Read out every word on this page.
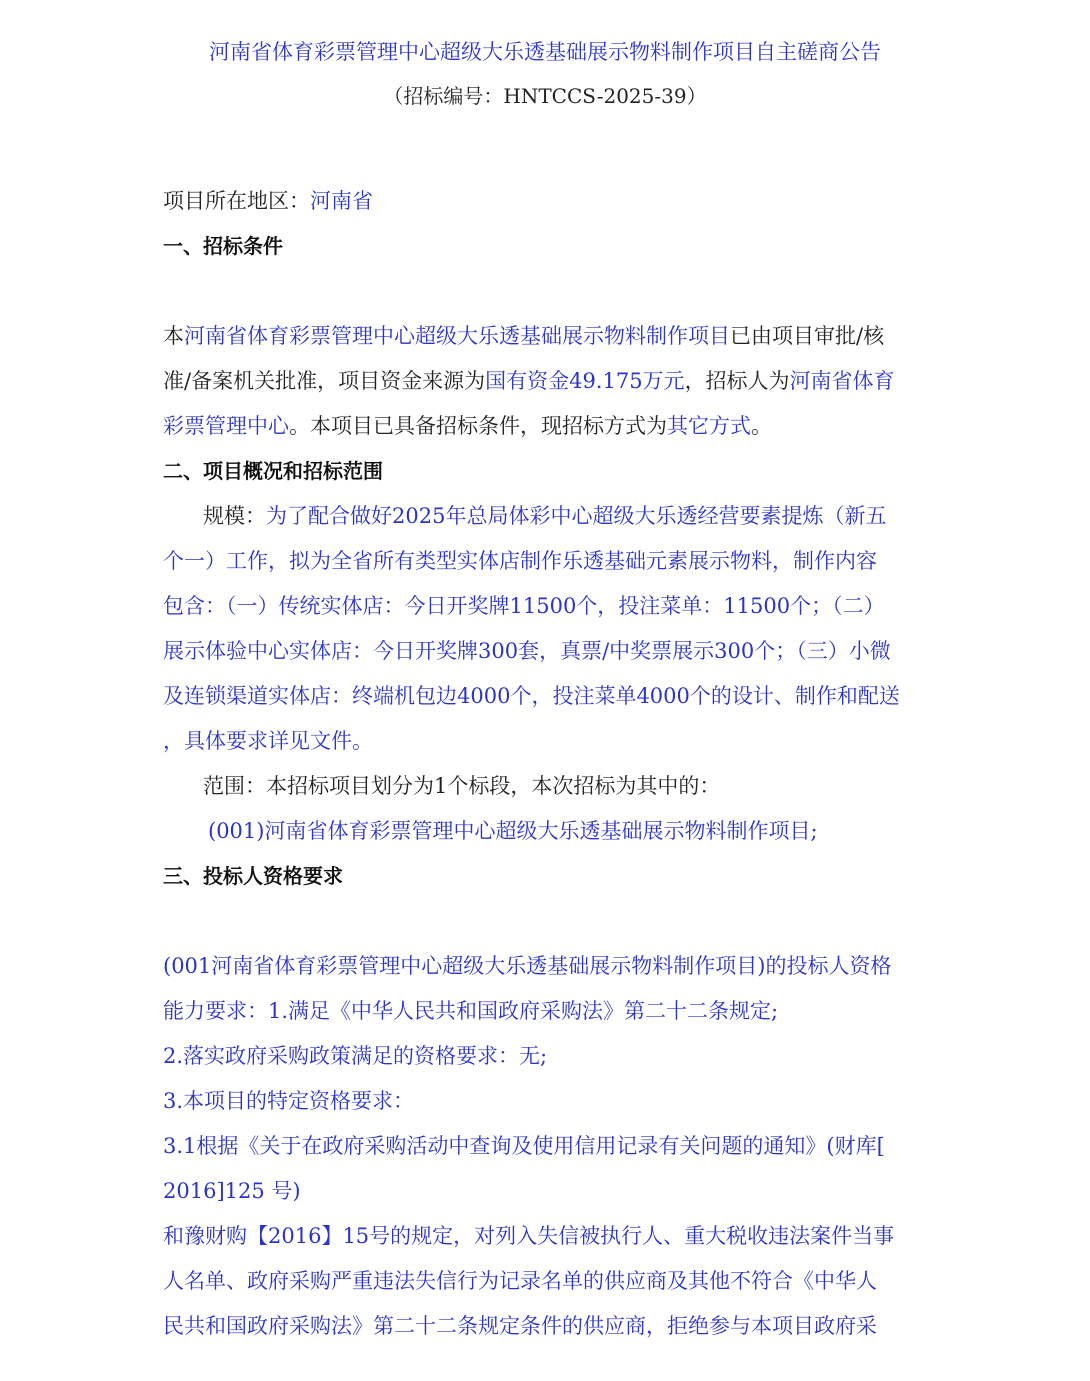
河南省体育彩票管理中心超级大乐透基础展示物料制作项目自主磋商公告
（招标编号：HNTCCS-2025-39）
项目所在地区：河南省
一、招标条件
本河南省体育彩票管理中心超级大乐透基础展示物料制作项目已由项目审批/核
准/备案机关批准，项目资金来源为国有资金49.175万元，招标人为河南省体育
彩票管理中心。本项目已具备招标条件，现招标方式为其它方式。
二、项目概况和招标范围
规模：为了配合做好2025年总局体彩中心超级大乐透经营要素提炼（新五
个一）工作，拟为全省所有类型实体店制作乐透基础元素展示物料，制作内容
包含：（一）传统实体店：今日开奖牌11500个，投注菜单：11500个；（二）
展示体验中心实体店：今日开奖牌300套，真票/中奖票展示300个；（三）小微
及连锁渠道实体店：终端机包边4000个，投注菜单4000个的设计、制作和配送
，具体要求详见文件。
范围：本招标项目划分为1个标段，本次招标为其中的：
(001)河南省体育彩票管理中心超级大乐透基础展示物料制作项目;
三、投标人资格要求
(001河南省体育彩票管理中心超级大乐透基础展示物料制作项目)的投标人资格
能力要求：1.满足《中华人民共和国政府采购法》第二十二条规定;
2.落实政府采购政策满足的资格要求：无;
3.本项目的特定资格要求：
3.1根据《关于在政府采购活动中查询及使用信用记录有关问题的通知》(财库[
2016]125 号)
和豫财购【2016】15号的规定，对列入失信被执行人、重大税收违法案件当事
人名单、政府采购严重违法失信行为记录名单的供应商及其他不符合《中华人
民共和国政府采购法》第二十二条规定条件的供应商，拒绝参与本项目政府采
